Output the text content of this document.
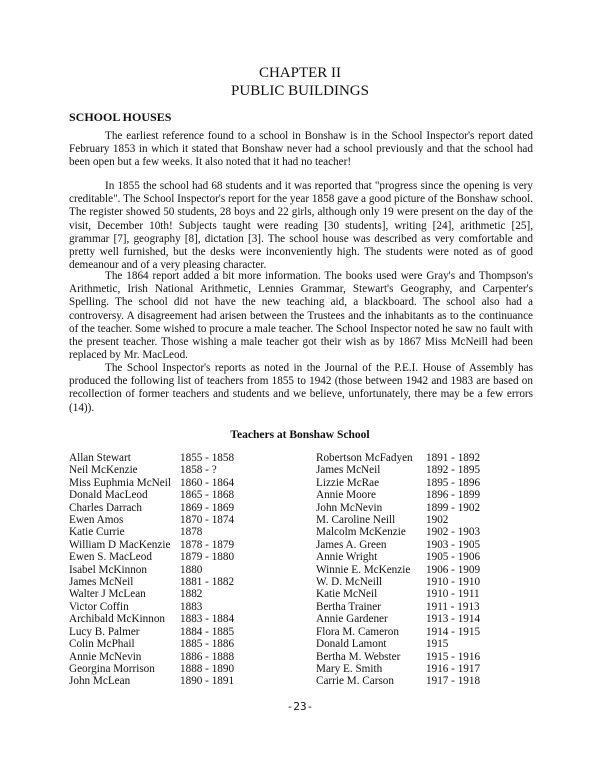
CHAPTER II
PUBLIC BUILDINGS
SCHOOL HOUSES

The earliest reference found to a school in Bonshaw is in the School Inspector's report dated February 1853 in which it stated that Bonshaw never had a school previously and that the school had been open but a few weeks. It also noted that it had no teacher!

In 1855 the school had 68 students and it was reported that "progress since the opening is very creditable". The School Inspector's report for the year 1858 gave a good picture of the Bonshaw school. The register showed 50 students, 28 boys and 22 girls, although only 19 were present on the day of the visit, December 10th! Subjects taught were reading [30 students], writing [24], arithmetic [25], grammar [7], geography [8], dictation [3]. The school house was described as very comfortable and pretty well furnished, but the desks were inconveniently high. The students were noted as of good demeanour and of a very pleasing character.

The 1864 report added a bit more information. The books used were Gray's and Thompson's Arithmetic, Irish National Arithmetic, Lennies Grammar, Stewart's Geography, and Carpenter's Spelling. The school did not have the new teaching aid, a blackboard. The school also had a controversy. A disagreement had arisen between the Trustees and the inhabitants as to the continuance of the teacher. Some wished to procure a male teacher. The School Inspector noted he saw no fault with the present teacher. Those wishing a male teacher got their wish as by 1867 Miss McNeill had been replaced by Mr. MacLeod.

The School Inspector's reports as noted in the Journal of the P.E.I. House of Assembly has produced the following list of teachers from 1855 to 1942 (those between 1942 and 1983 are based on recollection of former teachers and students and we believe, unfortunately, there may be a few errors (14)).

Teachers at Bonshaw School
Allan Stewart	1855 - 1858
Neil McKenzie	1858 - ?
Miss Euphmia McNeil 1860 - 1864
Donald MacLeod	1865 - 1868
Charles Darrach	1869 - 1869
Ewen Amos	1870 - 1874
Katie Currie	1878
William D MacKenzie 1878 - 1879
Ewen S. MacLeod	1879 - 1880
Isabel McKinnon	1880
James McNeil	1881 - 1882
Walter J McLean	1882
Victor Coffin	1883
Archibald McKinnon	1883 - 1884
Lucy B. Palmer	1884 - 1885
Colin McPhail	1885 - 1886
Annie McNevin	1886 - 1888
Georgina Morrison	1888 - 1890
John McLean	1890 - 1891
Robertson McFadyen	1891 - 1892
James McNeil	1892 - 1895
Lizzie McRae	1895 - 1896
Annie Moore	1896 - 1899
John McNevin	1899 - 1902
M. Caroline Neill	1902
Malcolm McKenzie	1902 - 1903
James A. Green	1903 - 1905
Annie Wright	1905 - 1906
Winnie E. McKenzie	1906 - 1909
W. D. McNeill	1910 - 1910
Katie McNeil	1910 - 1911
Bertha Trainer	1911 - 1913
Annie Gardener	1913 - 1914
Flora M. Cameron	1914 - 1915
Donald Lamont	1915
Bertha M. Webster	1915 - 1916
Mary E. Smith	1916 - 1917
Carrie M. Carson	1917 - 1918
-23-
